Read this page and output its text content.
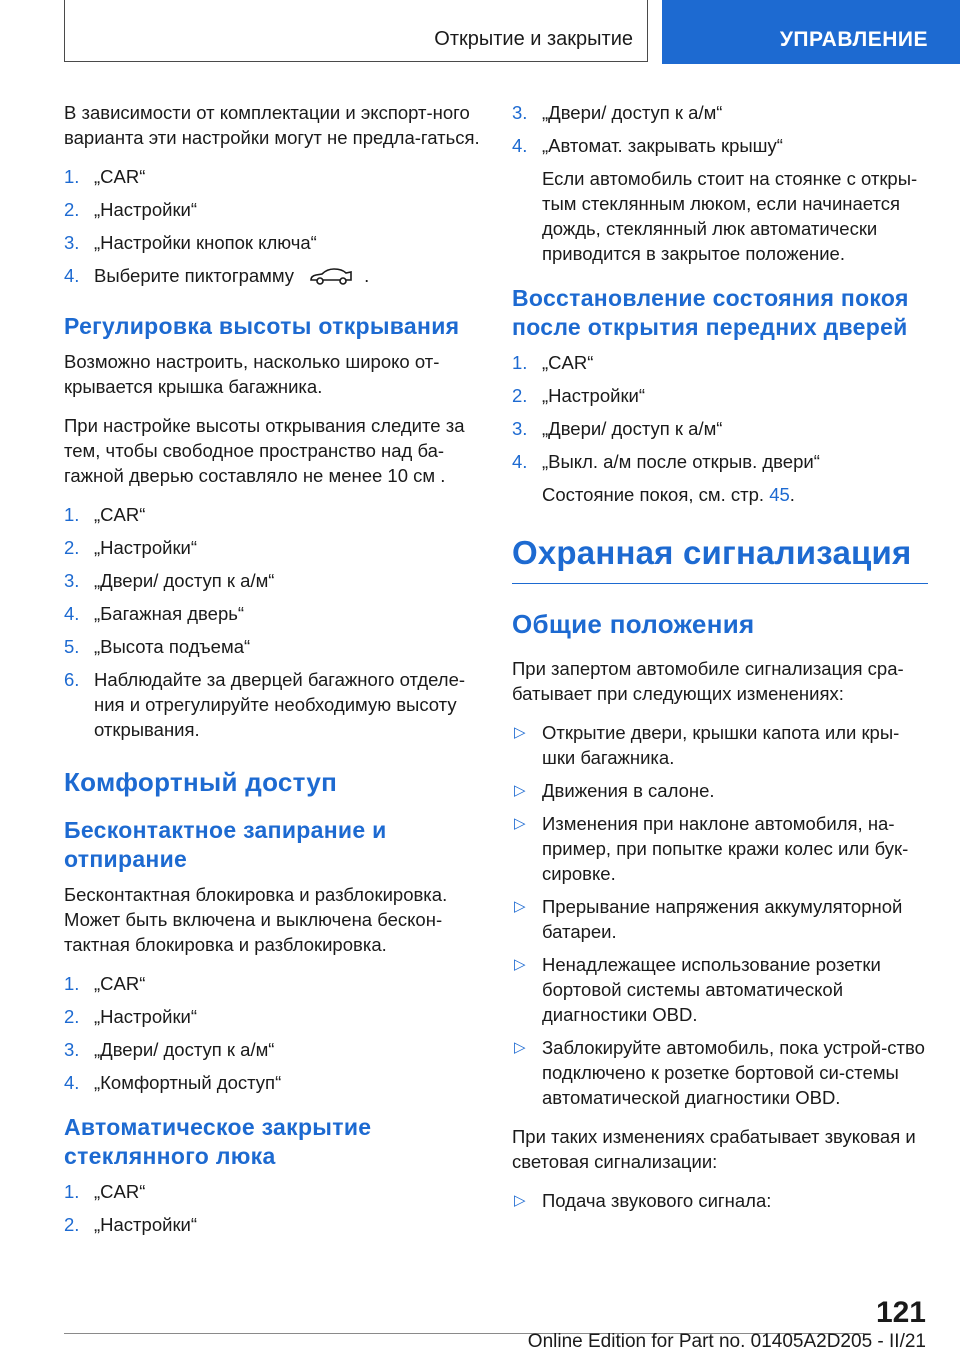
Открытие и закрытие	УПРАВЛЕНИЕ

В зависимости от комплектации и экспорт-ного варианта эти настройки могут не предла-гаться.

1. „CAR“
2. „Настройки“
3. „Настройки кнопок ключа“
4. Выберите пиктограмму	.
Регулировка высоты открывания

Возможно настроить, насколько широко от-крывается крышка багажника.

При настройке высоты открывания следите за тем, чтобы свободное пространство над ба-гажной дверью составляло не менее 10 см .

1. „CAR“
2. „Настройки“
3. „Двери/ доступ к а/м“
4. „Багажная дверь“
5. „Высота подъема“
6. Наблюдайте за дверцей багажного отделе-ния и отрегулируйте необходимую высоту открывания.
Комфортный доступ
Бесконтактное запирание и отпирание

Бесконтактная блокировка и разблокировка. Может быть включена и выключена бескон-тактная блокировка и разблокировка.

1. „CAR“
2. „Настройки“
3. „Двери/ доступ к а/м“
4. „Комфортный доступ“
Автоматическое закрытие стеклянного люка
1. „CAR“
2. „Настройки“
3. „Двери/ доступ к а/м“
4. „Автомат. закрывать крышу“
Если автомобиль стоит на стоянке с откры-тым стеклянным люком, если начинается дождь, стеклянный люк автоматически приводится в закрытое положение.
Восстановление состояния покоя после открытия передних дверей
1. „CAR“
2. „Настройки“
3. „Двери/ доступ к а/м“
4. „Выкл. а/м после открыв. двери“
Состояние покоя, см. стр. 45.
Охранная сигнализация
Общие положения

При запертом автомобиле сигнализация сра-батывает при следующих изменениях:

▷ Открытие двери, крышки капота или кры-шки багажника.
▷ Движения в салоне.
▷ Изменения при наклоне автомобиля, на-пример, при попытке кражи колес или бук-сировке.
▷ Прерывание напряжения аккумуляторной батареи.
▷ Ненадлежащее использование розетки бортовой системы автоматической диагностики OBD.
▷ Заблокируйте автомобиль, пока устрой-ство подключено к розетке бортовой си-стемы автоматической диагностики OBD.

При таких изменениях срабатывает звуковая и световая сигнализации:

▷ Подача звукового сигнала:
121
Online Edition for Part no. 01405A2D205 - II/21
